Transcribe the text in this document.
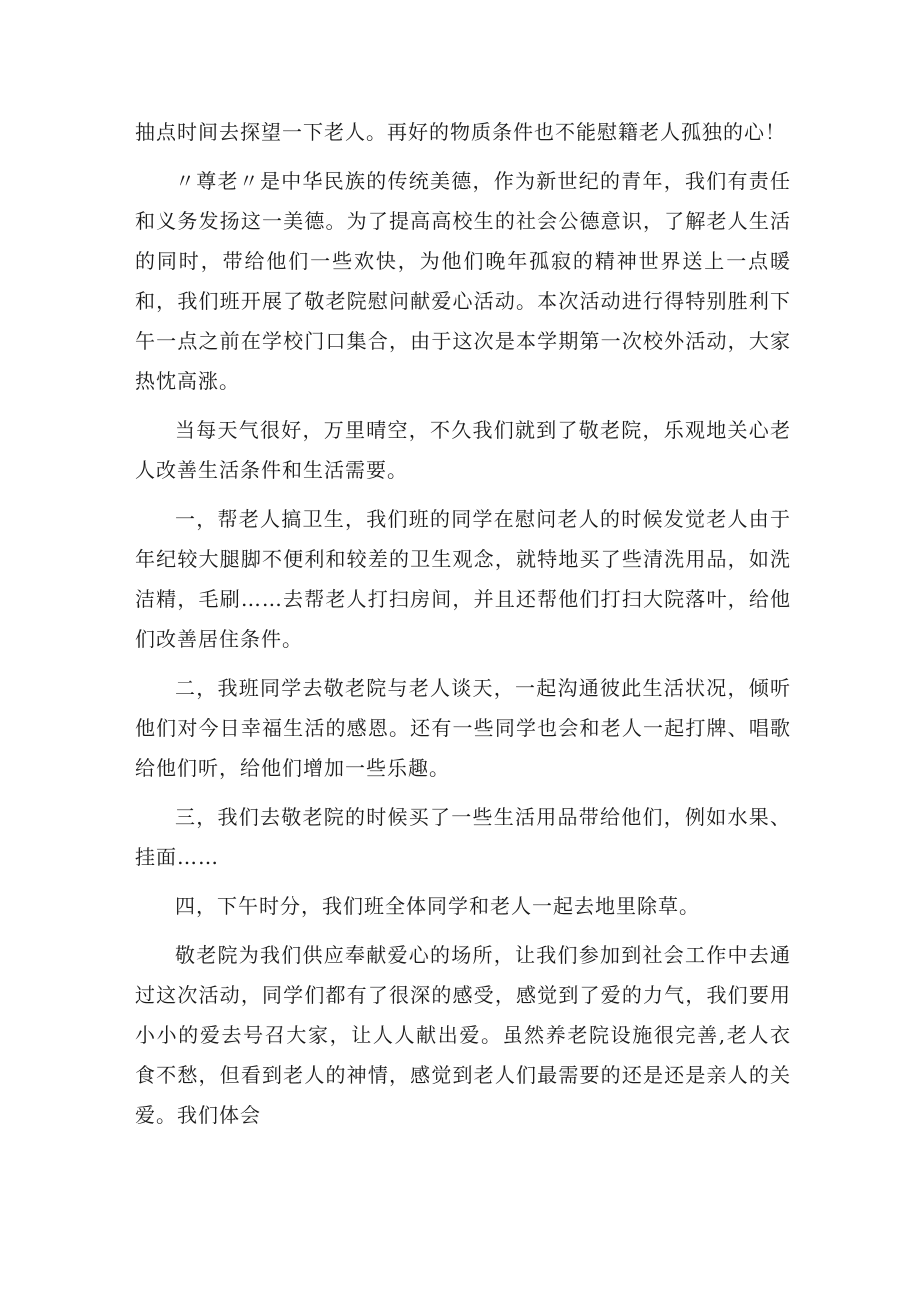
抽点时间去探望一下老人。再好的物质条件也不能慰籍老人孤独的心！

〃尊老〃是中华民族的传统美德，作为新世纪的青年，我们有责任和义务发扬这一美德。为了提高高校生的社会公德意识，了解老人生活的同时，带给他们一些欢快，为他们晚年孤寂的精神世界送上一点暖和，我们班开展了敬老院慰问献爱心活动。本次活动进行得特别胜利下午一点之前在学校门口集合，由于这次是本学期第一次校外活动，大家热忱高涨。

当每天气很好，万里晴空，不久我们就到了敬老院，乐观地关心老人改善生活条件和生活需要。

一，帮老人搞卫生，我们班的同学在慰问老人的时候发觉老人由于年纪较大腿脚不便利和较差的卫生观念，就特地买了些清洗用品，如洗洁精，毛刷……去帮老人打扫房间，并且还帮他们打扫大院落叶，给他们改善居住条件。

二，我班同学去敬老院与老人谈天，一起沟通彼此生活状况，倾听他们对今日幸福生活的感恩。还有一些同学也会和老人一起打牌、唱歌给他们听，给他们增加一些乐趣。

三，我们去敬老院的时候买了一些生活用品带给他们，例如水果、挂面……

四，下午时分，我们班全体同学和老人一起去地里除草。

敬老院为我们供应奉献爱心的场所，让我们参加到社会工作中去通过这次活动，同学们都有了很深的感受，感觉到了爱的力气，我们要用小小的爱去号召大家，让人人献出爱。虽然养老院设施很完善,老人衣食不愁，但看到老人的神情，感觉到老人们最需要的还是还是亲人的关爱。我们体会
